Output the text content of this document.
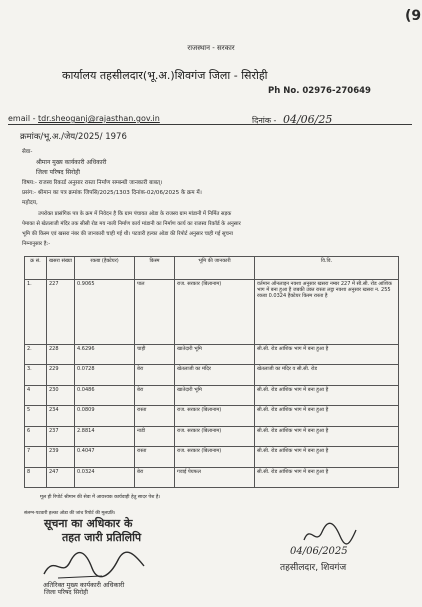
(9
राजस्थान - सरकार
कार्यालय तहसीलदार(भू.अ.)शिवगंज जिला - सिरोही
Ph No. 02976-270649
email - tdr.sheoganj@rajasthan.gov.in	दिनांक - 04/06/25
क्रमांक/भू.अ./जेय/2025/ 1976
सेवा-
श्रीमान मुख्य कार्यकारी अधिकारी
जिला परिषद सिरोही
विषय:- राजस्व रिकार्ड अनुसार रास्ता निर्माण सम्बन्धी जानकारी बाबत्।
प्रसंग:- श्रीमान का पत्र क्रमांक जिपसि/2025/1303 दिनांक-02/06/2025 के क्रम में।
महोदय,
उपरोक्त प्रासंगिक पत्र के क्रम में निवेदन है कि ग्राम पंचायत ओडा के राजस्व ग्राम मांडानी में निर्मित सड़क
पेमाका से खेतलाजी मंदिर तक सीसी रोड मय नाली निर्माण कार्य मांडानी का निर्माण कार्य का राजस्व रिकॉर्ड के अनुसार
भूमि की किस्म एवं खसरा नंबर की जानकारी चाही गई थी। पटवारी हल्का ओडा की रिपोर्ट अनुसार चाही गई सूचना
निम्नानुसार है:-
क्र सं.	खसरा संख्या	रकबा (हैक्टेयर)	किस्म	भूमि की जानकारी	वि.वि.
1.	227	0.9065	पाल	राज. सरकार (बिलानाम)	वर्तमान ऑनलाइन नक्शा अनुसार खसरा नम्बर 227 में सी.सी. रोड आंशिक भाग में बना हुआ है जबकी उक्त रास्ता लट्ठा नक्शा अनुसार खसरा न. 255 रकबा 0.0324 हैक्टेयर किस्म रास्ता है
2.	228	4.6296	चाही	खातेदारी भूमि	सी.सी. रोड आंशिक भाग में बना हुआ है
3.	229	0.0728	बेरा	खेतलाजी का मंदिर	खेतलाजी का मंदिर व सी.सी. रोड
4	230	0.0486	बेरा	खातेदारी भूमि	सी.सी. रोड आंशिक भाग में बना हुआ है
5	234	0.0809	रास्ता	राज. सरकार (बिलानाम)	सी.सी. रोड आंशिक भाग में बना हुआ है
6	237	2.8814	नाडी	राज. सरकार (बिलानाम)	सी.सी. रोड आंशिक भाग में बना हुआ है
7	239	0.4047	रास्ता	राज. सरकार (बिलानाम)	सी.सी. रोड आंशिक भाग में बना हुआ है
8	247	0.0324	बेरा	गवाई पेयफल	सी.सी. रोड आंशिक भाग में बना हुआ है
मूल ही रिपोर्ट श्रीमान की सेवा में आवश्यक कार्यवाही हेतु सादर पेश है।
संलग्न-पटवारी हल्का ओडा की जांच रिपोर्ट की मूलप्रति।
सूचना का अधिकार के
तहत जारी प्रतिलिपि
अतिरिक्त मुख्य कार्यकारी अधिकारी
जिला परिषद सिरोही
04/06/2025
तहसीलदार, शिवगंज
